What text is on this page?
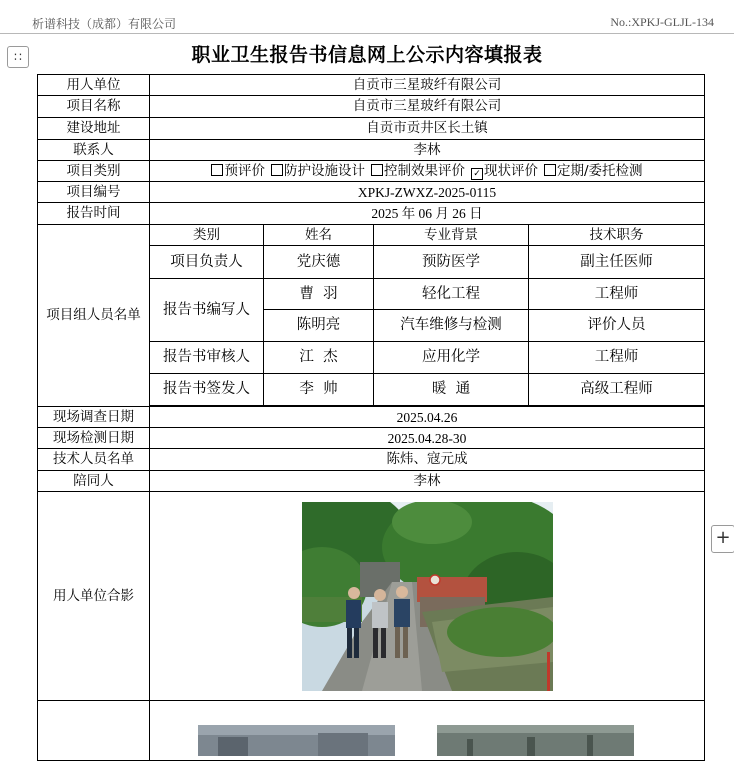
析谱科技（成都）有限公司	No.:XPKJ-GLJL-134
∷
+
职业卫生报告书信息网上公示内容填报表
用人单位	自贡市三星玻纤有限公司			
项目名称	自贡市三星玻纤有限公司			
建设地址	自贡市贡井区长土镇			
联系人	李林			
项目类别	预评价 防护设施设计 控制效果评价 ✓ 现状评价 定期/委托检测			
项目编号	XPKJ-ZWXZ-2025-0115			
报告时间	2025 年 06 月 26 日			
项目组人员名单	类别	姓名	专业背景	技术职务
	项目负责人	党庆德	预防医学	副主任医师
	报告书编写人	曹  羽	轻化工程	工程师
		陈明亮	汽车维修与检测	评价人员
	报告书审核人	江  杰	应用化学	工程师
	报告书签发人	李  帅	暖  通	高级工程师

现场调查日期	2025.04.26			
现场检测日期	2025.04.28-30			
技术人员名单	陈炜、寇元成			
陪同人	李林			
用人单位合影	
